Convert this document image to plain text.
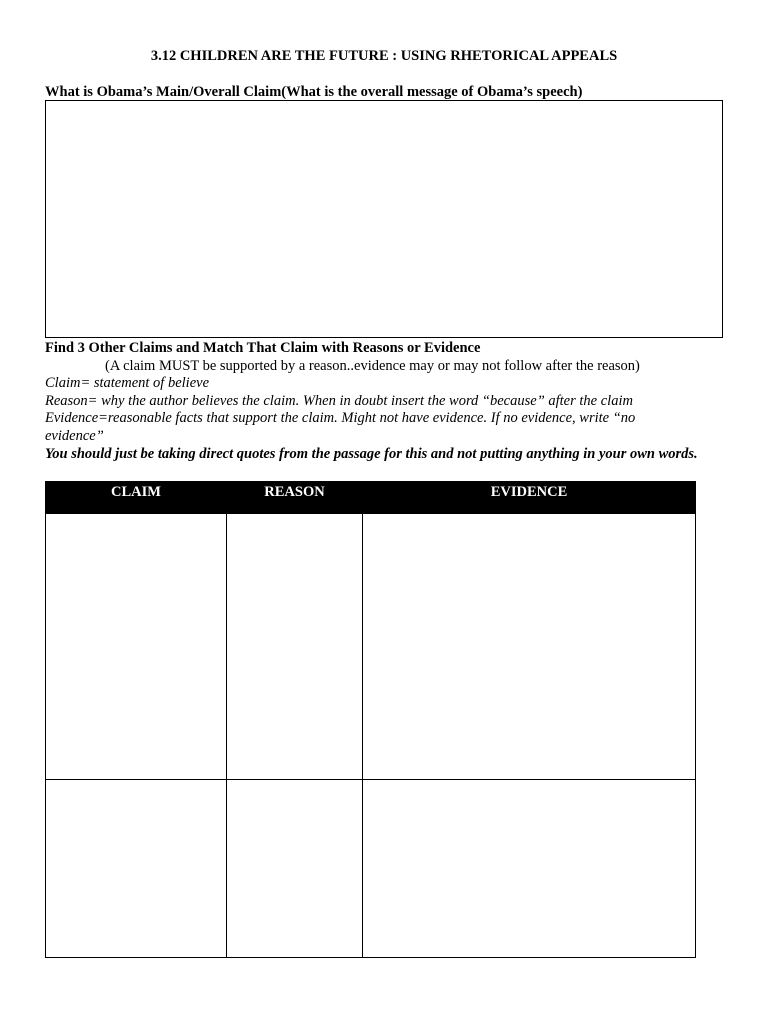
3.12 CHILDREN ARE THE FUTURE : USING RHETORICAL APPEALS
What is Obama’s Main/Overall Claim(What is the overall message of Obama’s speech)
Find 3 Other Claims and Match That Claim with Reasons or Evidence
(A claim MUST be supported by a reason..evidence may or may not follow after the reason)
Claim= statement of believe
Reason= why the author believes the claim. When in doubt insert the word “because” after the claim
Evidence=reasonable facts that support the claim. Might not have evidence. If no evidence, write “no evidence”
You should just be taking direct quotes from the passage for this and not putting anything in your own words.
CLAIM	REASON	EVIDENCE
